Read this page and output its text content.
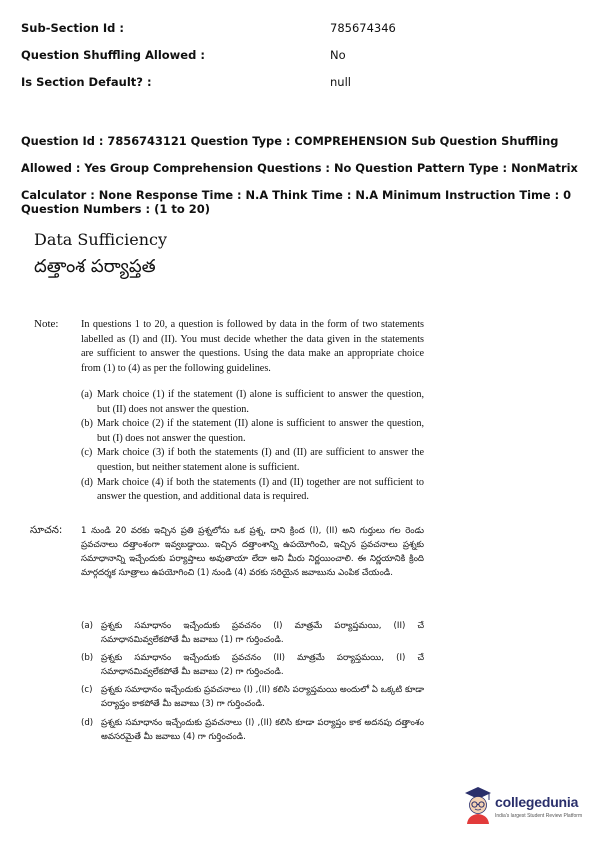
Sub-Section Id :	785674346
Question Shuffling Allowed :	No
Is Section Default? :	null
Question Id : 7856743121 Question Type : COMPREHENSION Sub Question Shuffling Allowed : Yes Group Comprehension Questions : No Question Pattern Type : NonMatrix Calculator : None Response Time : N.A Think Time : N.A Minimum Instruction Time : 0
Question Numbers : (1 to 20)
Data Sufficiency
దత్తాంశ పర్యాప్తత
Note: In questions 1 to 20, a question is followed by data in the form of two statements labelled as (I) and (II). You must decide whether the data given in the statements are sufficient to answer the questions. Using the data make an appropriate choice from (1) to (4) as per the following guidelines.
(a) Mark choice (1) if the statement (I) alone is sufficient to answer the question, but (II) does not answer the question.
(b) Mark choice (2) if the statement (II) alone is sufficient to answer the question, but (I) does not answer the question.
(c) Mark choice (3) if both the statements (I) and (II) are sufficient to answer the question, but neither statement alone is sufficient.
(d) Mark choice (4) if both the statements (I) and (II) together are not sufficient to answer the question, and additional data is required.
సూచన: 1 నుండి 20 వరకు ఇచ్చిన ప్రతి ప్రశ్నలోను ఒక ప్రశ్న, దాని క్రింద (I), (II) అని గుర్తులు గల రెండు ప్రవచనాలు దత్తాంశంగా ఇవ్వబడ్డాయి. ఇచ్చిన దత్తాంశాన్ని ఉపయోగించి, ఇచ్చిన ప్రవచనాలు ప్రశ్నకు సమాధానాన్ని ఇచ్చేందుకు పర్యాప్తాలు అవుతాయా లేదా అని మీరు నిర్ణయించాలి. ఈ నిర్ణయానికి క్రింది మార్గదర్శక సూత్రాలు ఉపయోగించి (1) నుండి (4) వరకు సరియైన జవాబును ఎంపిక చేయండి.
(a) ప్రశ్నకు సమాధానం ఇచ్చేందుకు ప్రవచనం (I) మాత్రమే పర్యాప్తమయి, (II) చే సమాధానమివ్వలేకపోతే మీ జవాబు (1) గా గుర్తించండి.
(b) ప్రశ్నకు సమాధానం ఇచ్చేందుకు ప్రవచనం (II) మాత్రమే పర్యాప్తమయి, (I) చే సమాధానమివ్వలేకపోతే మీ జవాబు (2) గా గుర్తించండి.
(c) ప్రశ్నకు సమాధానం ఇచ్చేందుకు ప్రవచనాలు (I) ,(II) కలిసి పర్యాప్తమయి అందులో ఏ ఒక్కటి కూడా పర్యాప్తం కాకపోతే మీ జవాబు (3) గా గుర్తించండి.
(d) ప్రశ్నకు సమాధానం ఇచ్చేందుకు ప్రవచనాలు (I) ,(II) కలిసి కూడా పర్యాప్తం కాక అదనపు దత్తాంశం అవసరమైతే మీ జవాబు (4) గా గుర్తించండి.
collegedunia
India's largest Student Review Platform
